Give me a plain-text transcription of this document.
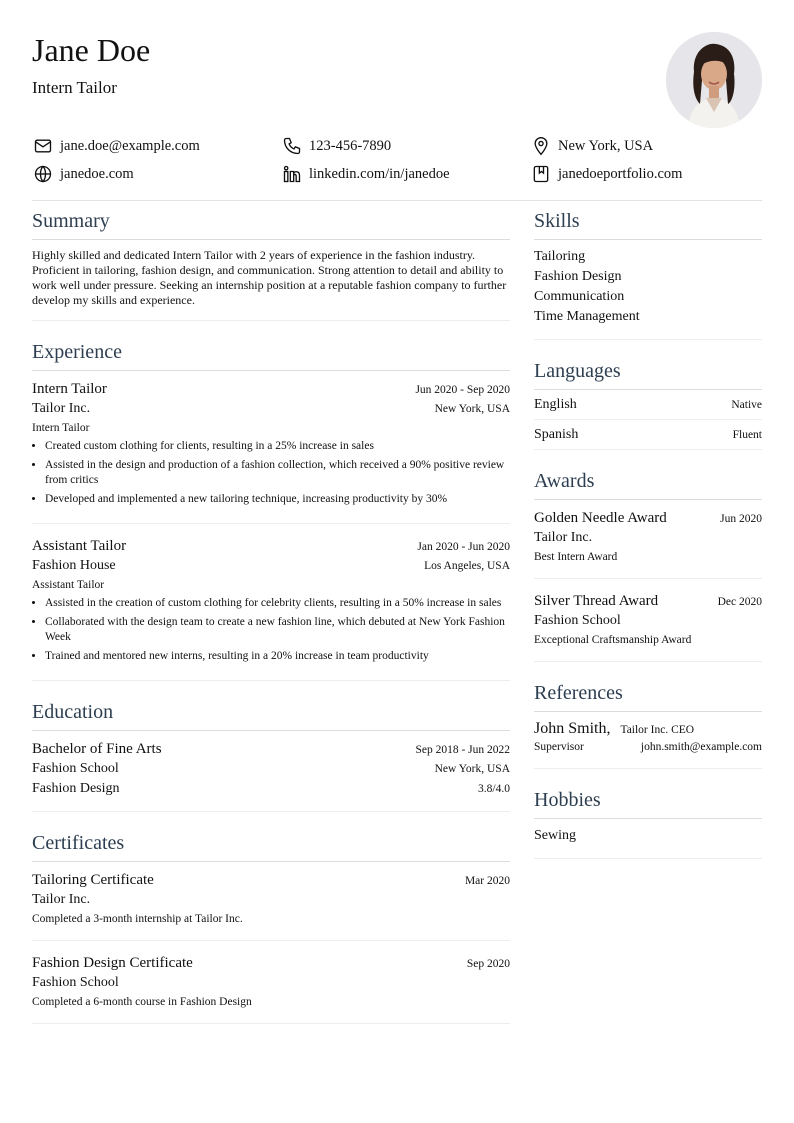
Jane Doe
Intern Tailor
jane.doe@example.com	123-456-7890	New York, USA
janedoe.com	linkedin.com/in/janedoe	janedoeportfolio.com
Summary
Highly skilled and dedicated Intern Tailor with 2 years of experience in the fashion industry. Proficient in tailoring, fashion design, and communication. Strong attention to detail and ability to work well under pressure. Seeking an internship position at a reputable fashion company to further develop my skills and experience.
Experience
Intern Tailor	Jun 2020 - Sep 2020
Tailor Inc.	New York, USA
Intern Tailor
• Created custom clothing for clients, resulting in a 25% increase in sales
• Assisted in the design and production of a fashion collection, which received a 90% positive review from critics
• Developed and implemented a new tailoring technique, increasing productivity by 30%
Assistant Tailor	Jan 2020 - Jun 2020
Fashion House	Los Angeles, USA
Assistant Tailor
• Assisted in the creation of custom clothing for celebrity clients, resulting in a 50% increase in sales
• Collaborated with the design team to create a new fashion line, which debuted at New York Fashion Week
• Trained and mentored new interns, resulting in a 20% increase in team productivity
Education
Bachelor of Fine Arts	Sep 2018 - Jun 2022
Fashion School	New York, USA
Fashion Design	3.8/4.0
Certificates
Tailoring Certificate	Mar 2020
Tailor Inc.
Completed a 3-month internship at Tailor Inc.
Fashion Design Certificate	Sep 2020
Fashion School
Completed a 6-month course in Fashion Design
Skills
Tailoring
Fashion Design
Communication
Time Management
Languages
English	Native
Spanish	Fluent
Awards
Golden Needle Award	Jun 2020
Tailor Inc.
Best Intern Award
Silver Thread Award	Dec 2020
Fashion School
Exceptional Craftsmanship Award
References
John Smith, Tailor Inc. CEO
Supervisor	john.smith@example.com
Hobbies
Sewing
